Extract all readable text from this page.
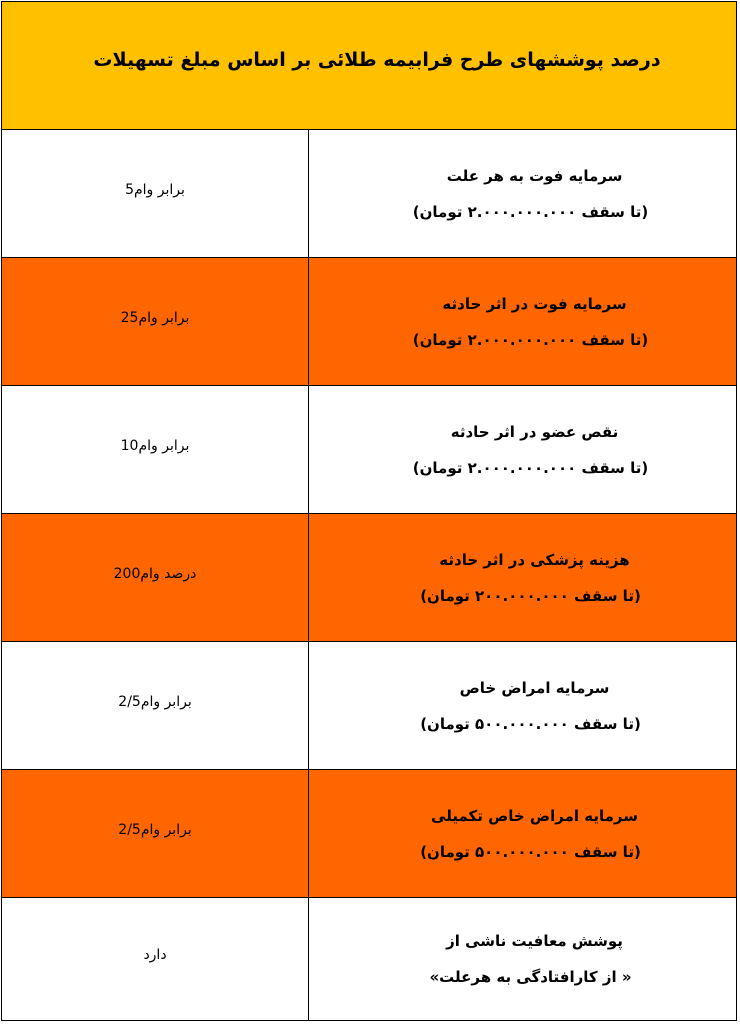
درصد پوششهای طرح فرابیمه طلائی بر اساس مبلغ تسهیلات
5برابر وام
سرمایه فوت به هر علت
(تا سقف ۲.۰۰۰.۰۰۰.۰۰۰ تومان)
25برابر وام
سرمایه فوت در اثر حادثه
(تا سقف ۲.۰۰۰.۰۰۰.۰۰۰ تومان)
10برابر وام
نقص عضو در اثر حادثه
(تا سقف ۲.۰۰۰.۰۰۰.۰۰۰ تومان)
200درصد وام
هزینه پزشکی در اثر حادثه
(تا سقف ۲۰۰.۰۰۰.۰۰۰ تومان)
2/5برابر وام
سرمایه امراض خاص
(تا سقف ۵۰۰.۰۰۰.۰۰۰ تومان)
2/5برابر وام
سرمایه امراض خاص تکمیلی
(تا سقف ۵۰۰.۰۰۰.۰۰۰ تومان)
دارد
پوشش معافیت ناشی از
« از کارافتادگی به هرعلت»
